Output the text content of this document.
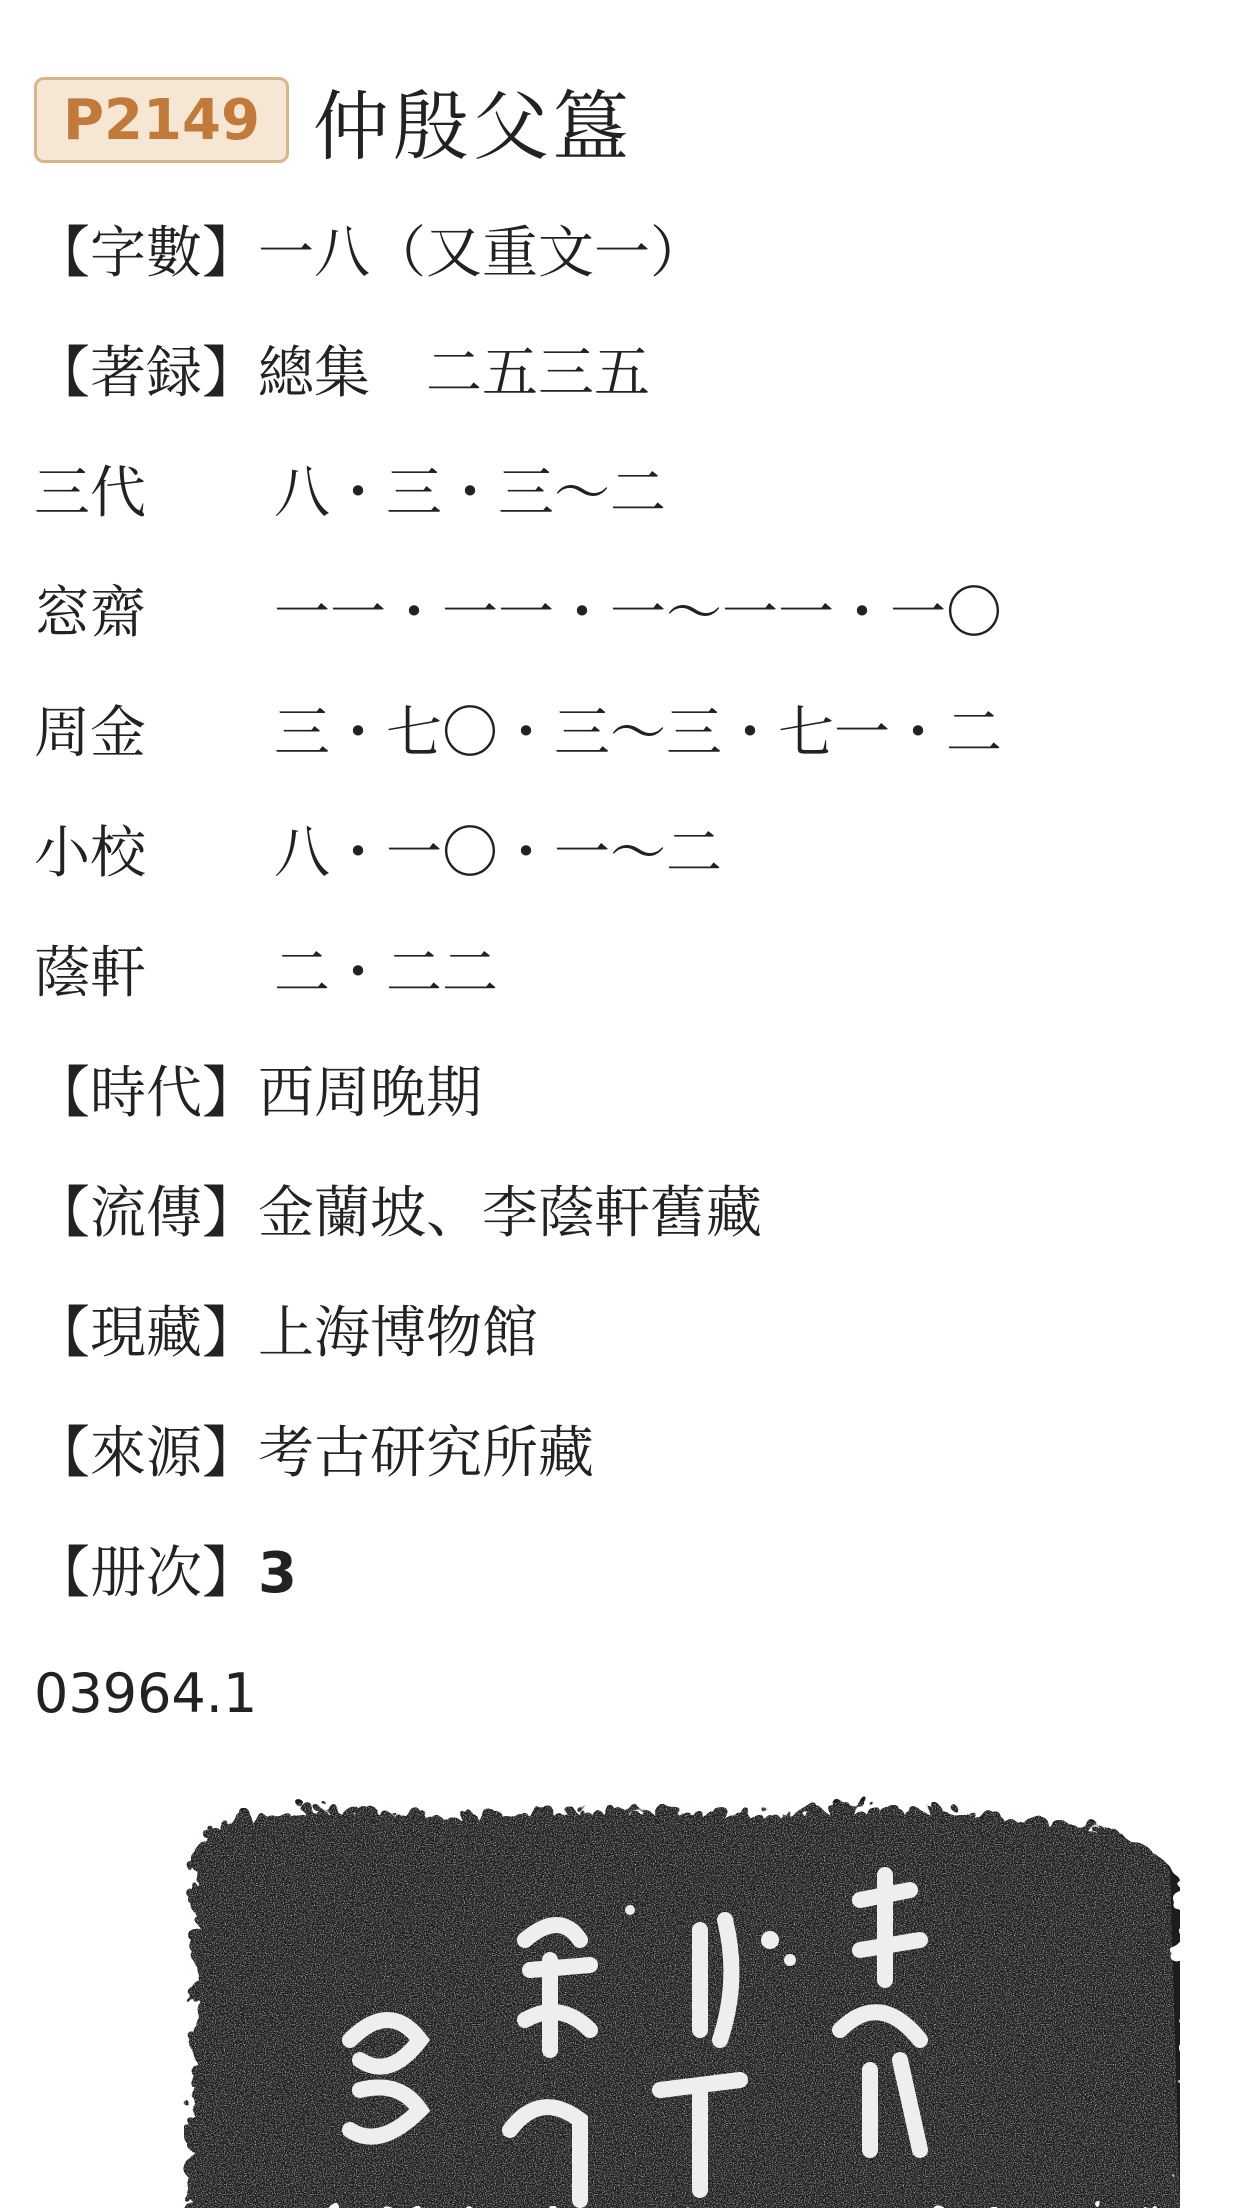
P2149 仲殷父簋
【字數】一八（又重文一）
【著録】總集　二五三五
三代 八・三・三～二
窓齋 一一・一一・一～一一・一〇
周金 三・七〇・三～三・七一・二
小校 八・一〇・一～二
蔭軒 二・二二
【時代】西周晚期
【流傳】金蘭坡、李蔭軒舊藏
【現藏】上海博物館
【來源】考古研究所藏
【册次】3
03964.1
